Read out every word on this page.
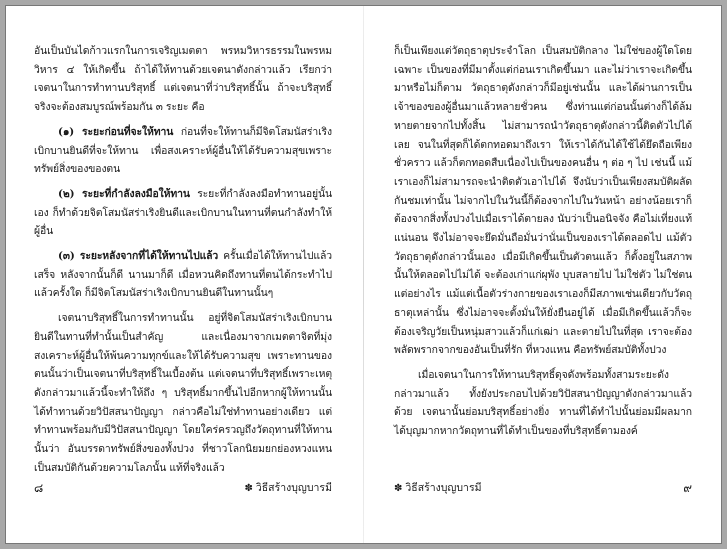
อันเป็นบันไดก้าวแรกในการเจริญเมตตา พรหมวิหารธรรมในพรหมวิหาร ๔ ให้เกิดขึ้น ถ้าได้ให้ทานด้วยเจตนาดังกล่าวแล้ว เรียกว่าเจตนาในการทำทานบริสุทธิ์ แต่เจตนาที่ว่าบริสุทธิ์นั้น ถ้าจะบริสุทธิ์จริงจะต้องสมบูรณ์พร้อมกัน ๓ ระยะ คือ

(๑) ระยะก่อนที่จะให้ทาน ก่อนที่จะให้ทานก็มีจิตโสมนัสร่าเริงเบิกบานยินดีที่จะให้ทาน เพื่อสงเคราะห์ผู้อื่นให้ได้รับความสุขเพราะทรัพย์สิ่งของของตน

(๒) ระยะที่กำลังลงมือให้ทาน ระยะที่กำลังลงมือทำทานอยู่นั้นเอง ก็ทำด้วยจิตโสมนัสร่าเริงยินดีและเบิกบานในทานที่ตนกำลังทำให้ผู้อื่น

(๓) ระยะหลังจากที่ได้ให้ทานไปแล้ว ครั้นเมื่อได้ให้ทานไปแล้วเสร็จ หลังจากนั้นก็ดี นานมาก็ดี เมื่อหวนคิดถึงทานที่ตนได้กระทำไปแล้วครั้งใด ก็มีจิตโสมนัสร่าเริงเบิกบานยินดีในทานนั้นๆ

เจตนาบริสุทธิ์ในการทำทานนั้น อยู่ที่จิตโสมนัสร่าเริงเบิกบาน ยินดีในทานที่ทำนั้นเป็นสำคัญ และเนื่องมาจากเมตตาจิตที่มุ่งสงเคราะห์ผู้อื่นให้พ้นความทุกข์และให้ได้รับความสุข เพราะทานของตนนั้นว่าเป็นเจตนาที่บริสุทธิ์ในเบื้องต้น แต่เจตนาที่บริสุทธิ์เพราะเหตุดังกล่าวมาแล้วนี้จะทำให้ถึง ๆ บริสุทธิ์มากขึ้นไปอีกหากผู้ให้ทานนั้นได้ทำทานด้วยวิปัสสนาปัญญา กล่าวคือไม่ใช่ทำทานอย่างเดียว แต่ทำทานพร้อมกับมีวิปัสสนาปัญญา โดยใคร่ครวญถึงวัตถุทานที่ให้ทานนั้นว่า อันบรรดาทรัพย์สิ่งของทั้งปวง ที่ชาวโลกนิยมยกย่องหวงแหนเป็นสมบัติกันด้วยความโลภนั้น แท้ที่จริงแล้ว

๘	✽ วิธีสร้างบุญบารมี

ก็เป็นเพียงแต่วัตถุธาตุประจำโลก เป็นสมบัติกลาง ไม่ใช่ของผู้ใดโดยเฉพาะ เป็นของที่มีมาตั้งแต่ก่อนเราเกิดขึ้นมา และไม่ว่าเราจะเกิดขึ้นมาหรือไม่ก็ตาม วัตถุธาตุดังกล่าวก็มีอยู่เช่นนั้น และได้ผ่านการเป็นเจ้าของของผู้อื่นมาแล้วหลายชั่วคน ซึ่งท่านแต่ก่อนนั้นต่างก็ได้ล้มหายตายจากไปทั้งสิ้น ไม่สามารถนำวัตถุธาตุดังกล่าวนี้ติดตัวไปได้เลย จนในที่สุดก็ได้ตกทอดมาถึงเรา ให้เราได้กันได้ใช้ได้ยึดถือเพียงชั่วคราว แล้วก็ตกทอดสืบเนื่องไปเป็นของคนอื่น ๆ ต่อ ๆ ไป เช่นนี้ แม้เราเองก็ไม่สามารถจะนำติดตัวเอาไปได้ จึงนับว่าเป็นเพียงสมบัติผลัดกันชมเท่านั้น ไม่จากไปในวันนี้ก็ต้องจากไปในวันหน้า อย่างน้อยเราก็ต้องจากสิ่งทั้งปวงไปเมื่อเราได้ตายลง นับว่าเป็นอนิจจัง คือไม่เที่ยงแท้แน่นอน จึงไม่อาจจะยึดมั่นถือมั่นว่านั่นเป็นของเราได้ตลอดไป แม้ตัววัตถุธาตุดังกล่าวนั้นเอง เมื่อมีเกิดขึ้นเป็นตัวตนแล้ว ก็ตั้งอยู่ในสภาพนั้นให้ตลอดไปไม่ได้ จะต้องเก่าแก่ผุพัง บุบสลายไป ไม่ใช่ตัว ไม่ใช่ตนแต่อย่างไร แม้แต่เนื้อตัวร่างกายของเราเองก็มีสภาพเช่นเดียวกับวัตถุธาตุเหล่านั้น ซึ่งไม่อาจจะตั้งมั่นให้ยั่งยืนอยู่ได้ เมื่อมีเกิดขึ้นแล้วก็จะต้องเจริญวัยเป็นหนุ่มสาวแล้วก็แก่เฒ่า และตายไปในที่สุด เราจะต้องพลัดพรากจากของอันเป็นที่รัก ที่หวงแหน คือทรัพย์สมบัติทั้งปวง

เมื่อเจตนาในการให้ทานบริสุทธิ์ดุจดังพร้อมทั้งสามระยะดังกล่าวมาแล้ว ทั้งยังประกอบไปด้วยวิปัสสนาปัญญาดังกล่าวมาแล้วด้วย เจตนานั้นย่อมบริสุทธิ์อย่างยิ่ง ทานที่ได้ทำไปนั้นย่อมมีผลมาก ได้บุญมากหากวัตถุทานที่ได้ทำเป็นของที่บริสุทธิ์ตามองค์

✽ วิธีสร้างบุญบารมี	๙
